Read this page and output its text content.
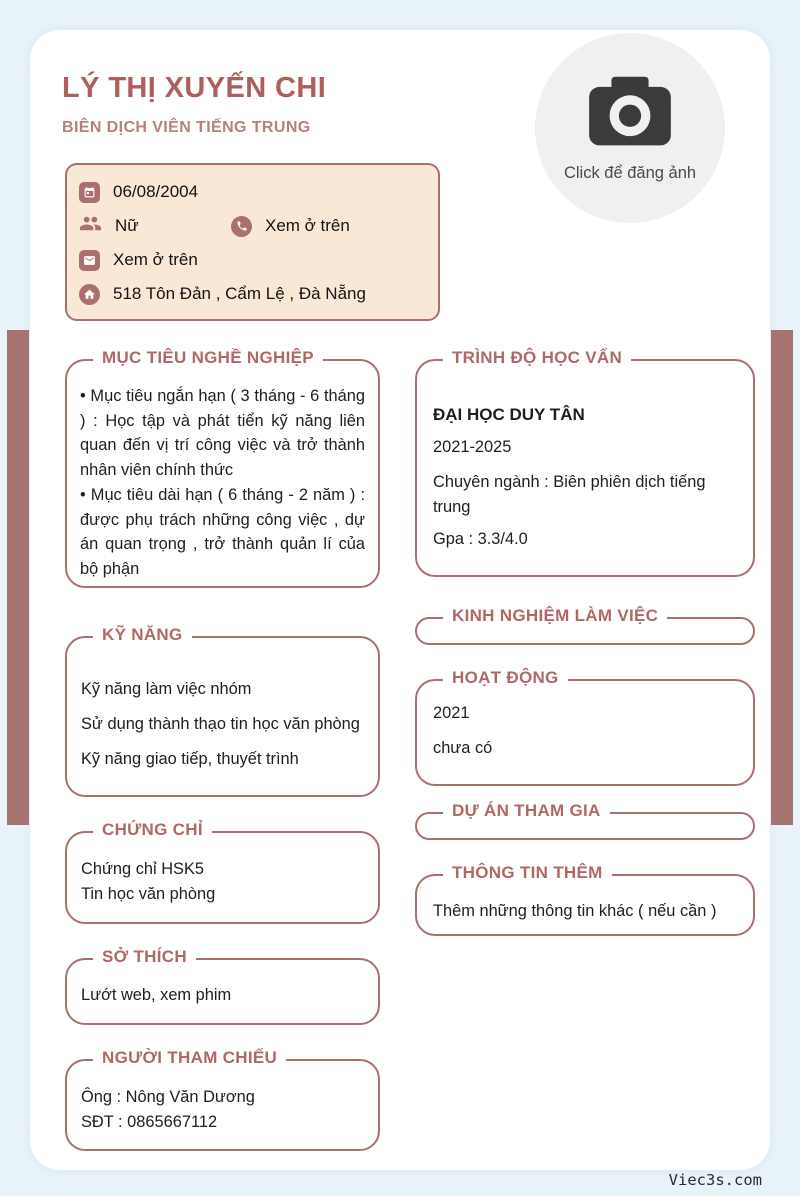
LÝ THỊ XUYẾN CHI
BIÊN DỊCH VIÊN TIẾNG TRUNG
Click để đăng ảnh
06/08/2004
Nữ	Xem ở trên
Xem ở trên
518 Tôn Đản , Cẩm Lệ , Đà Nẵng
MỤC TIÊU NGHỀ NGHIỆP

• Mục tiêu ngắn hạn ( 3 tháng - 6 tháng ) : Học tập và phát tiển kỹ năng liên quan đến vị trí công việc và trở thành nhân viên chính thức

• Mục tiêu dài hạn ( 6 tháng - 2 năm ) : được phụ trách những công việc , dự án quan trọng , trở thành quản lí của bộ phận

KỸ NĂNG
Kỹ năng làm việc nhóm
Sử dụng thành thạo tin học văn phòng
Kỹ năng giao tiếp, thuyết trình
CHỨNG CHỈ
Chứng chỉ HSK5
Tin học văn phòng
SỞ THÍCH
Lướt web, xem phim
NGƯỜI THAM CHIẾU
Ông : Nông Văn Dương
SĐT : 0865667112
TRÌNH ĐỘ HỌC VẤN
ĐẠI HỌC DUY TÂN
2021-2025
Chuyên ngành : Biên phiên dịch tiếng trung
Gpa : 3.3/4.0
KINH NGHIỆM LÀM VIỆC
HOẠT ĐỘNG
2021
chưa có
DỰ ÁN THAM GIA
THÔNG TIN THÊM
Thêm những thông tin khác ( nếu cần )
Viec3s.com
